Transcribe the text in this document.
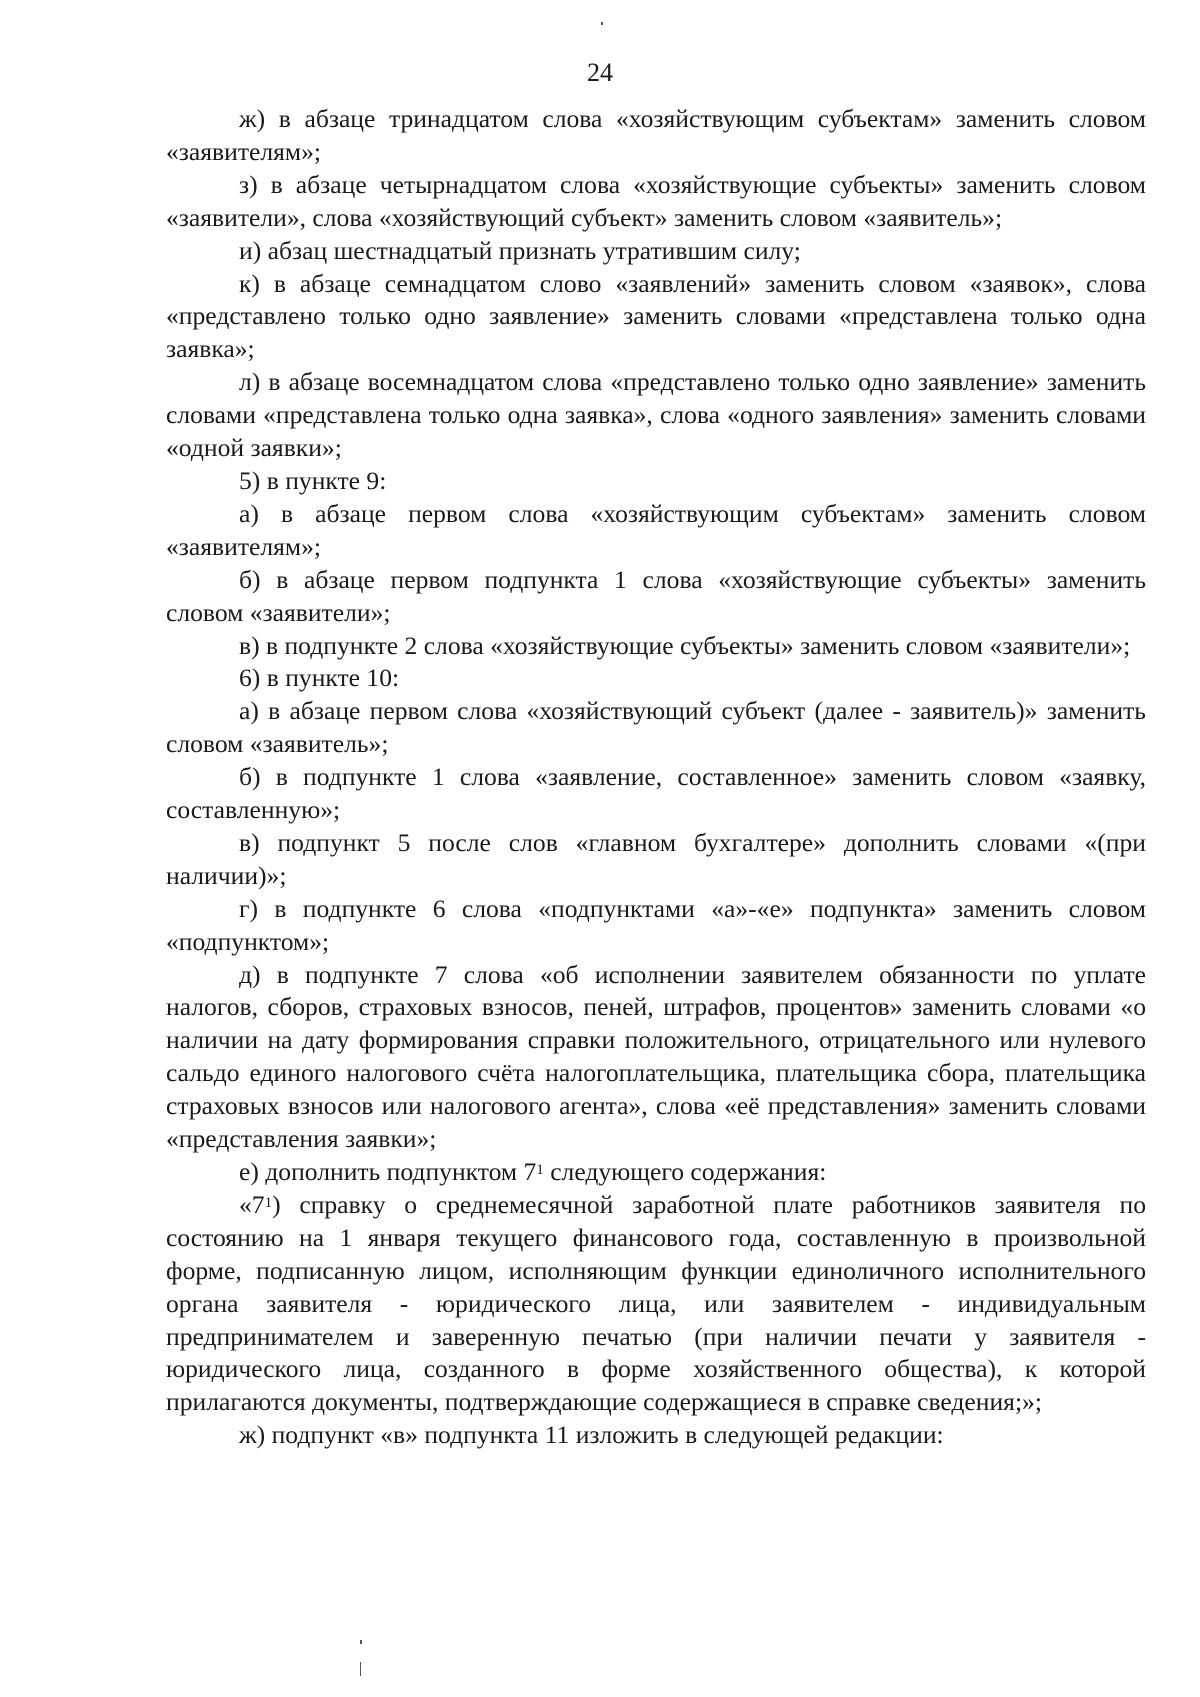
24

ж) в абзаце тринадцатом слова «хозяйствующим субъектам» заменить словом «заявителям»;

з) в абзаце четырнадцатом слова «хозяйствующие субъекты» заменить словом «заявители», слова «хозяйствующий субъект» заменить словом «заявитель»;

и) абзац шестнадцатый признать утратившим силу;

к) в абзаце семнадцатом слово «заявлений» заменить словом «заявок», слова «представлено только одно заявление» заменить словами «представлена только одна заявка»;

л) в абзаце восемнадцатом слова «представлено только одно заявление» заменить словами «представлена только одна заявка», слова «одного заявления» заменить словами «одной заявки»;

5) в пункте 9:

а) в абзаце первом слова «хозяйствующим субъектам» заменить словом «заявителям»;

б) в абзаце первом подпункта 1 слова «хозяйствующие субъекты» заменить словом «заявители»;

в) в подпункте 2 слова «хозяйствующие субъекты» заменить словом «заявители»;

6) в пункте 10:

а) в абзаце первом слова «хозяйствующий субъект (далее - заявитель)» заменить словом «заявитель»;

б) в подпункте 1 слова «заявление, составленное» заменить словом «заявку, составленную»;

в) подпункт 5 после слов «главном бухгалтере» дополнить словами «(при наличии)»;

г) в подпункте 6 слова «подпунктами «а»-«е» подпункта» заменить словом «подпунктом»;

д) в подпункте 7 слова «об исполнении заявителем обязанности по уплате налогов, сборов, страховых взносов, пеней, штрафов, процентов» заменить словами «о наличии на дату формирования справки положительного, отрицательного или нулевого сальдо единого налогового счёта налогоплательщика, плательщика сбора, плательщика страховых взносов или налогового агента», слова «её представления» заменить словами «представления заявки»;

е) дополнить подпунктом $7^1$ следующего содержания:

«$7^1$) справку о среднемесячной заработной плате работников заявителя по состоянию на 1 января текущего финансового года, составленную в произвольной форме, подписанную лицом, исполняющим функции единоличного исполнительного органа заявителя - юридического лица, или заявителем - индивидуальным предпринимателем и заверенную печатью (при наличии печати у заявителя - юридического лица, созданного в форме хозяйственного общества), к которой прилагаются документы, подтверждающие содержащиеся в справке сведения;»;

ж) подпункт «в» подпункта 11 изложить в следующей редакции:
